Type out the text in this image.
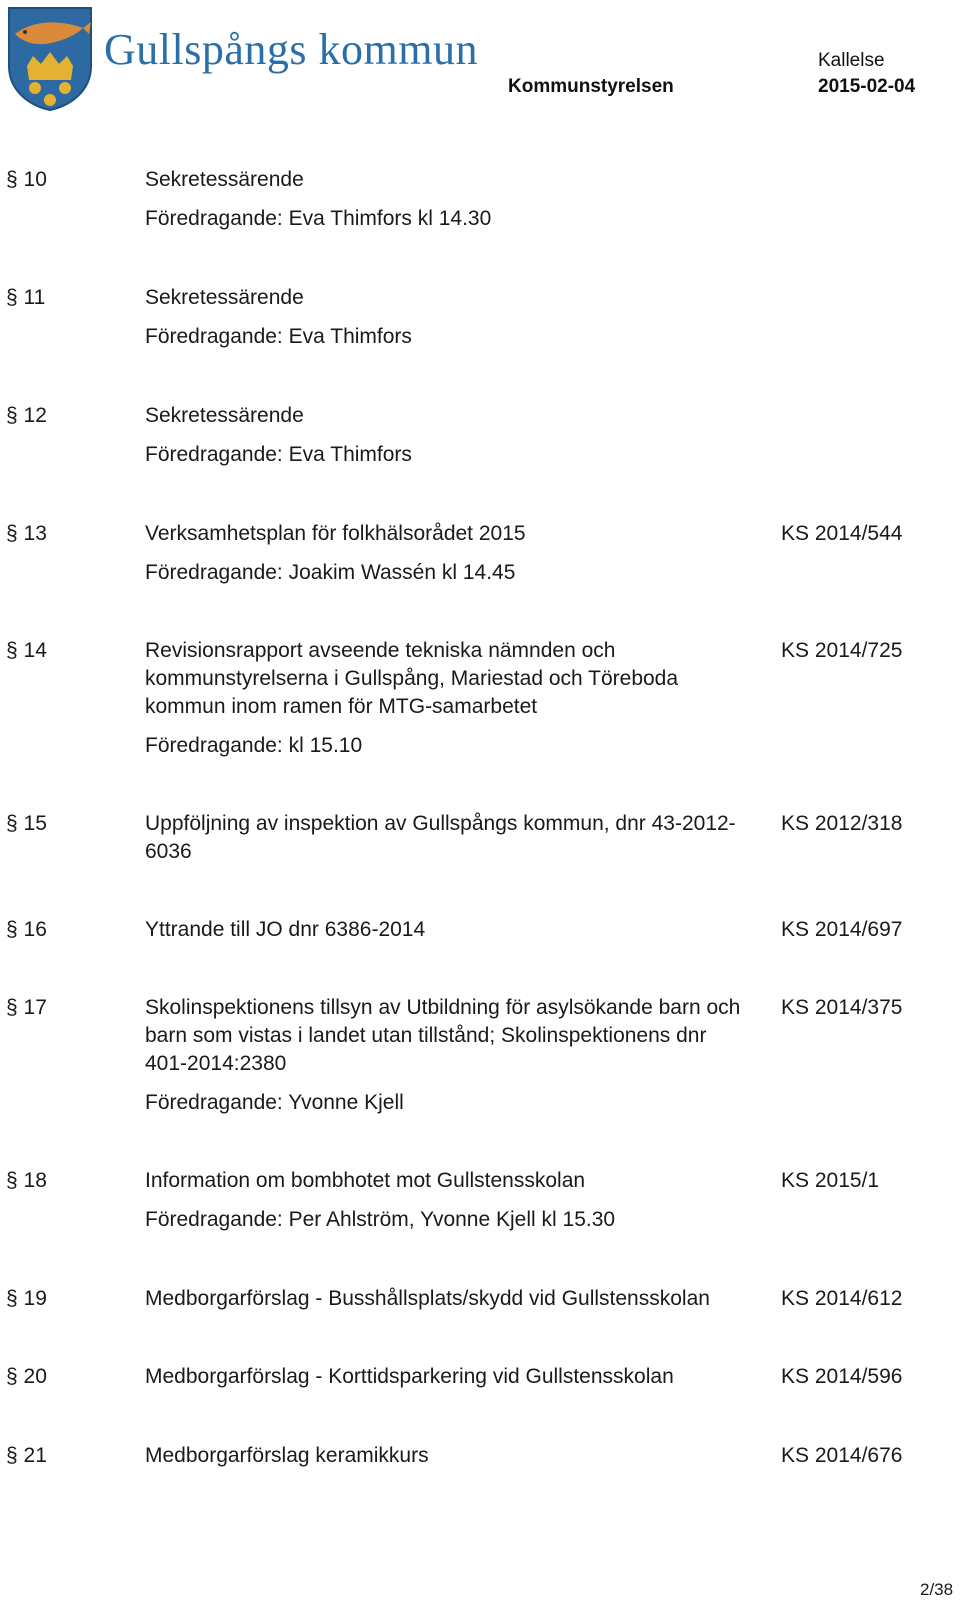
Gullspångs kommun
Kommunstyrelsen
Kallelse
2015-02-04
§ 10	Sekretessärende
Föredragande: Eva Thimfors kl 14.30
§ 11	Sekretessärende
Föredragande: Eva Thimfors
§ 12	Sekretessärende
Föredragande: Eva Thimfors
§ 13	Verksamhetsplan för folkhälsorådet 2015
Föredragande: Joakim Wassén kl 14.45
KS 2014/544
§ 14	Revisionsrapport avseende tekniska nämnden och kommunstyrelserna i Gullspång, Mariestad och Töreboda kommun inom ramen för MTG-samarbetet
Föredragande: kl 15.10
KS 2014/725
§ 15	Uppföljning av inspektion av Gullspångs kommun, dnr 43-2012-6036
KS 2012/318
§ 16	Yttrande till JO dnr 6386-2014	KS 2014/697
§ 17	Skolinspektionens tillsyn av Utbildning för asylsökande barn och barn som vistas i landet utan tillstånd; Skolinspektionens dnr 401-2014:2380
Föredragande: Yvonne Kjell
KS 2014/375
§ 18	Information om bombhotet mot Gullstensskolan
Föredragande: Per Ahlström, Yvonne Kjell kl 15.30
KS 2015/1
§ 19	Medborgarförslag - Busshållsplats/skydd vid Gullstensskolan	KS 2014/612
§ 20	Medborgarförslag - Korttidsparkering vid Gullstensskolan	KS 2014/596
§ 21	Medborgarförslag keramikkurs	KS 2014/676
2/38
